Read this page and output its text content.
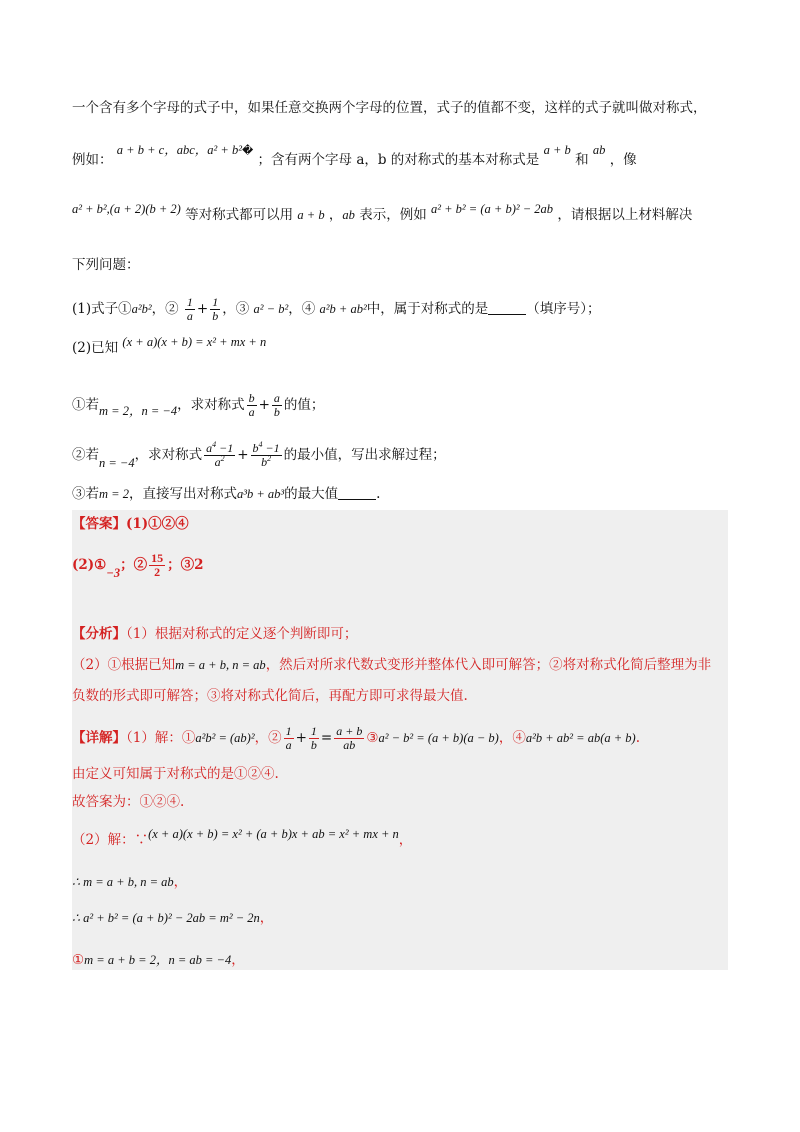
一个含有多个字母的式子中，如果任意交换两个字母的位置，式子的值都不变，这样的式子就叫做对称式，
例如： a + b + c，abc，a² + b²� ；含有两个字母 a，b 的对称式的基本对称式是 a + b 和 ab ，像
a² + b²,(a + 2)(b + 2) 等对称式都可以用 a + b ，ab 表示，例如 a² + b² = (a + b)² − 2ab ，请根据以上材料解决
下列问题：
(1)式子①a²b²，② $\frac{1}{a} + \frac{1}{b}$ ，③ a² − b²，④ a²b + ab²中，属于对称式的是	（填序号）；
(2)已知 (x + a)(x + b) = x² + mx + n
①若m = 2，n = −4，求对称式 $\frac{b}{a} + \frac{a}{b}$ 的值；
②若n = −4，求对称式 $\frac{a^4 -1}{a^2} + \frac{b^4 -1}{b^2}$ 的最小值，写出求解过程；
③若m = 2，直接写出对称式a³b + ab³的最大值	.
【答案】(1)①②④
(2)①−3；② $\frac{15}{2}$ ；③2
【分析】（1）根据对称式的定义逐个判断即可；
（2）①根据已知m = a + b, n = ab，然后对所求代数式变形并整体代入即可解答；②将对称式化简后整理为非
负数的形式即可解答；③将对称式化简后，再配方即可求得最大值.
【详解】（1）解：①a²b² = (ab)²，② $\frac{1}{a} + \frac{1}{b} = \frac{a + b}{ab}$ ③a² − b² = (a + b)(a − b)，④a²b + ab² = ab(a + b).
由定义可知属于对称式的是①②④.
故答案为：①②④.
（2）解：∵(x + a)(x + b) = x² + (a + b)x + ab = x² + mx + n，
∴ m = a + b, n = ab，
∴ a² + b² = (a + b)² − 2ab = m² − 2n，
①m = a + b = 2，n = ab = −4，
